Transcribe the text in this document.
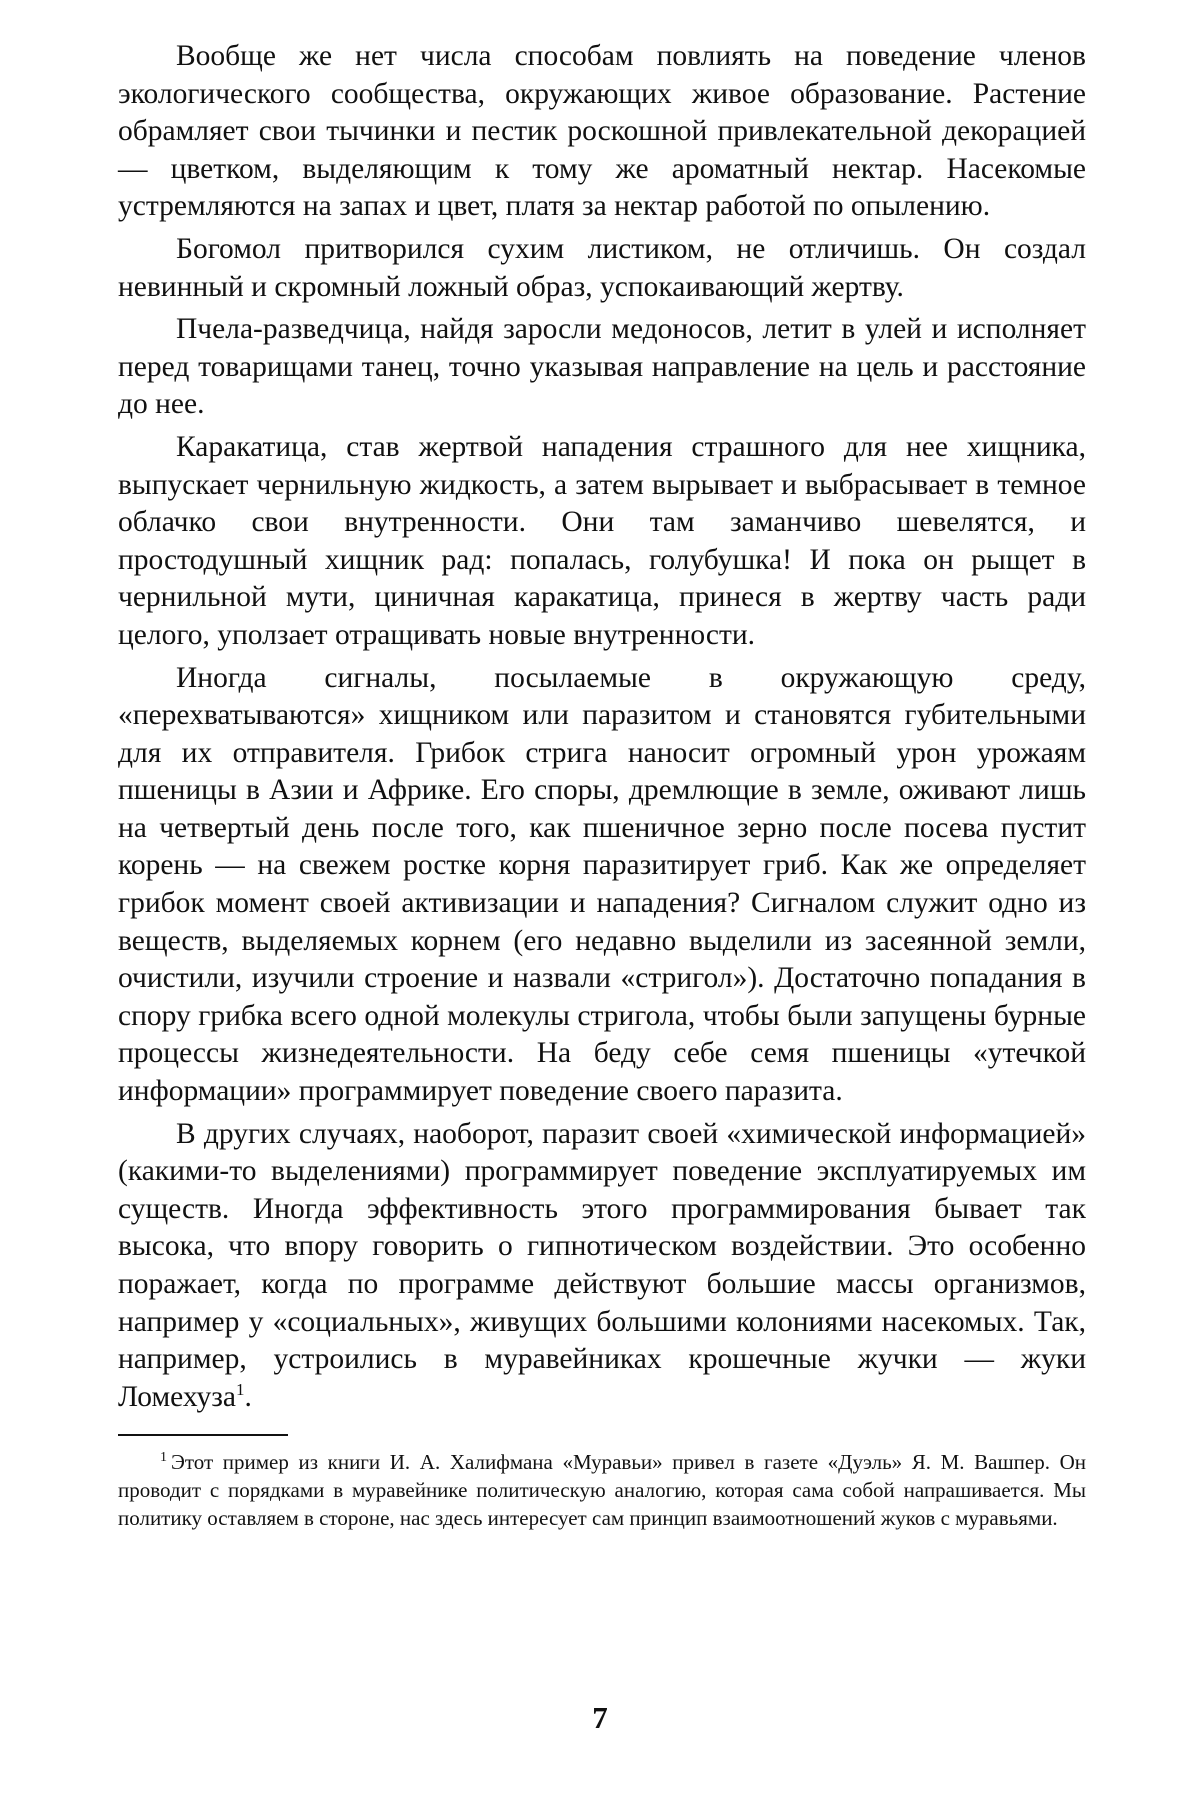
Вообще же нет числа способам повлиять на поведение членов экологического сообщества, окружающих живое образование. Растение обрамляет свои тычинки и пестик роскошной привлекательной декорацией — цветком, выделяющим к тому же ароматный нектар. Насекомые устремляются на запах и цвет, платя за нектар работой по опылению.

Богомол притворился сухим листиком, не отличишь. Он создал невинный и скромный ложный образ, успокаивающий жертву.

Пчела-разведчица, найдя заросли медоносов, летит в улей и исполняет перед товарищами танец, точно указывая направление на цель и расстояние до нее.

Каракатица, став жертвой нападения страшного для нее хищника, выпускает чернильную жидкость, а затем вырывает и выбрасывает в темное облачко свои внутренности. Они там заманчиво шевелятся, и простодушный хищник рад: попалась, голубушка! И пока он рыщет в чернильной мути, циничная каракатица, принеся в жертву часть ради целого, уползает отращивать новые внутренности.

Иногда сигналы, посылаемые в окружающую среду, «перехватываются» хищником или паразитом и становятся губительными для их отправителя. Грибок стрига наносит огромный урон урожаям пшеницы в Азии и Африке. Его споры, дремлющие в земле, оживают лишь на четвертый день после того, как пшеничное зерно после посева пустит корень — на свежем ростке корня паразитирует гриб. Как же определяет грибок момент своей активизации и нападения? Сигналом служит одно из веществ, выделяемых корнем (его недавно выделили из засеянной земли, очистили, изучили строение и назвали «стригол»). Достаточно попадания в спору грибка всего одной молекулы стригола, чтобы были запущены бурные процессы жизнедеятельности. На беду себе семя пшеницы «утечкой информации» программирует поведение своего паразита.

В других случаях, наоборот, паразит своей «химической информацией» (какими-то выделениями) программирует поведение эксплуатируемых им существ. Иногда эффективность этого программирования бывает так высока, что впору говорить о гипнотическом воздействии. Это особенно поражает, когда по программе действуют большие массы организмов, например у «социальных», живущих большими колониями насекомых. Так, например, устроились в муравейниках крошечные жучки — жуки Ломехуза1.

1 Этот пример из книги И. А. Халифмана «Муравьи» привел в газете «Дуэль» Я. М. Вашпер. Он проводит с порядками в муравейнике политическую аналогию, которая сама собой напрашивается. Мы политику оставляем в стороне, нас здесь интересует сам принцип взаимоотношений жуков с муравьями.

7
